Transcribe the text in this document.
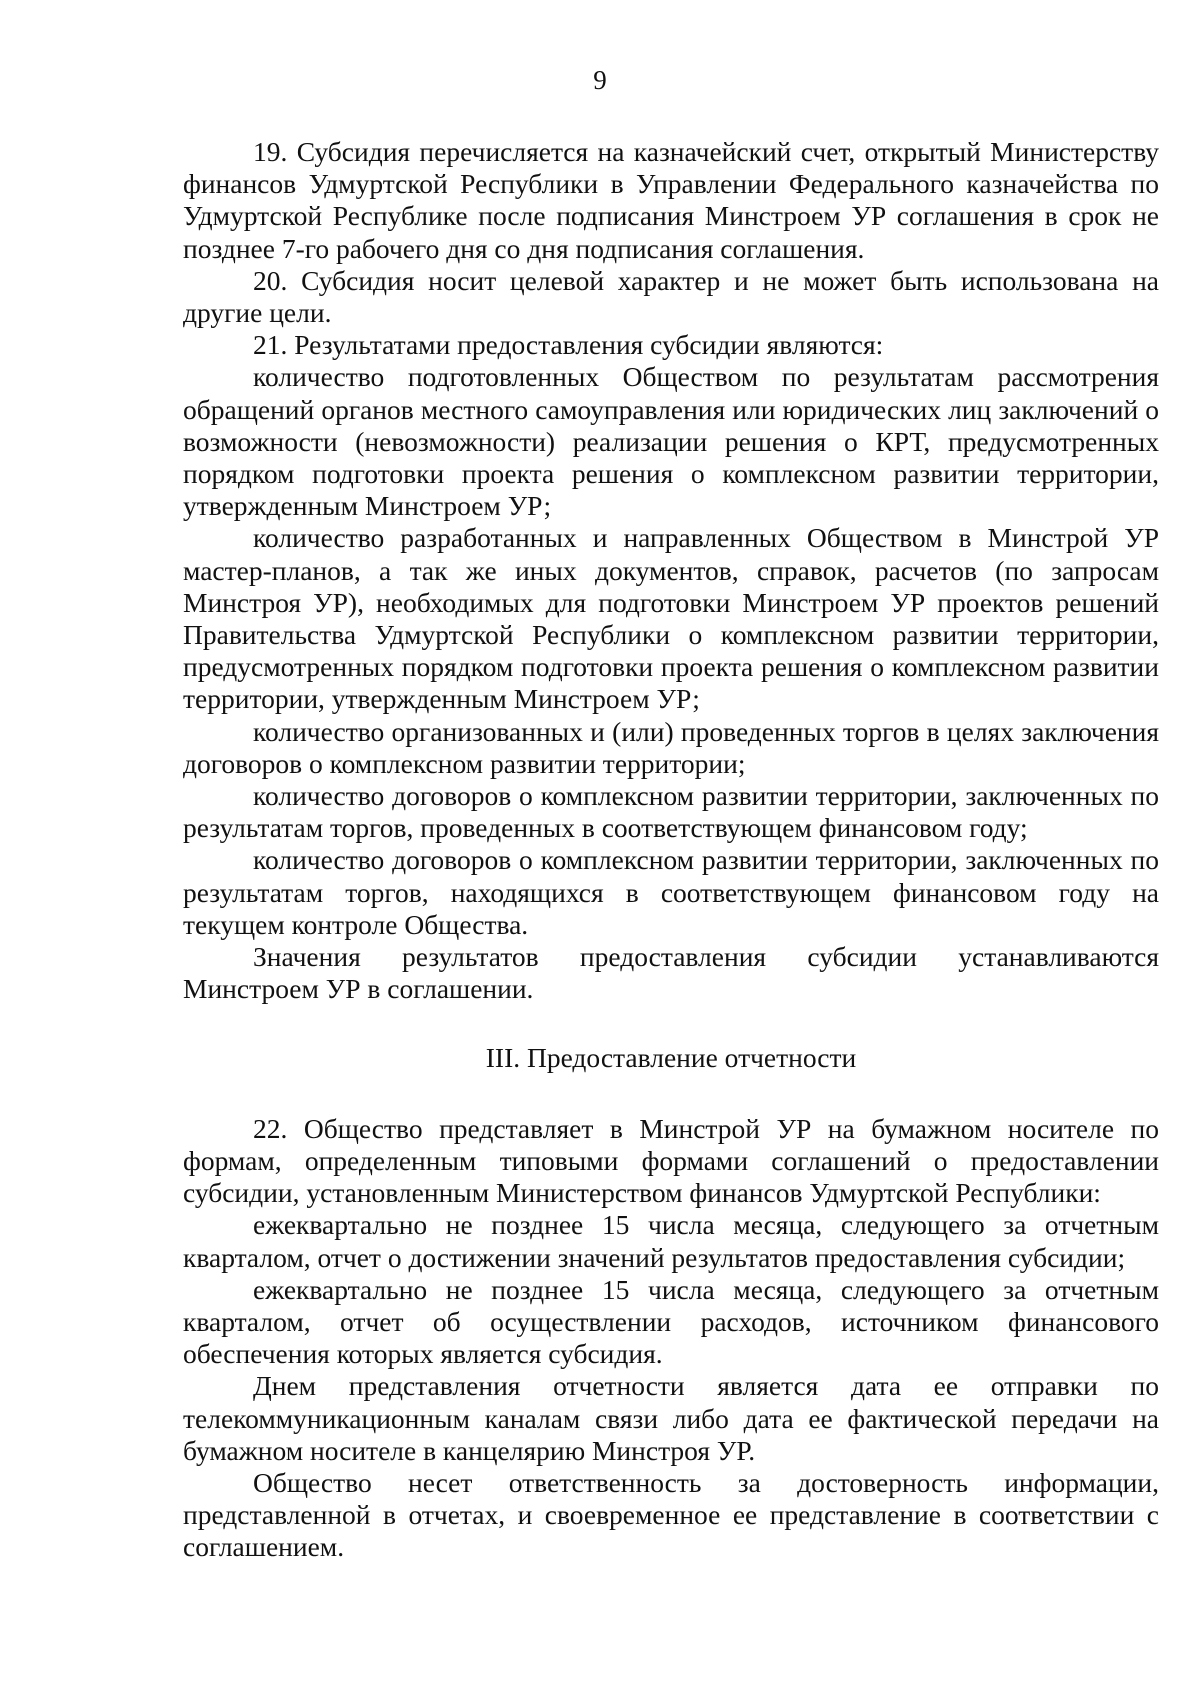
9

19. Субсидия перечисляется на казначейский счет, открытый Министерству финансов Удмуртской Республики в Управлении Федерального казначейства по Удмуртской Республике после подписания Минстроем УР соглашения в срок не позднее 7-го рабочего дня со дня подписания соглашения.

20. Субсидия носит целевой характер и не может быть использована на другие цели.

21. Результатами предоставления субсидии являются:

количество подготовленных Обществом по результатам рассмотрения обращений органов местного самоуправления или юридических лиц заключений о возможности (невозможности) реализации решения о КРТ, предусмотренных порядком подготовки проекта решения о комплексном развитии территории, утвержденным Минстроем УР;

количество разработанных и направленных Обществом в Минстрой УР мастер-планов, а так же иных документов, справок, расчетов (по запросам Минстроя УР), необходимых для подготовки Минстроем УР проектов решений Правительства Удмуртской Республики о комплексном развитии территории, предусмотренных порядком подготовки проекта решения о комплексном развитии территории, утвержденным Минстроем УР;

количество организованных и (или) проведенных торгов в целях заключения договоров о комплексном развитии территории;

количество договоров о комплексном развитии территории, заключенных по результатам торгов, проведенных в соответствующем финансовом году;

количество договоров о комплексном развитии территории, заключенных по результатам торгов, находящихся в соответствующем финансовом году на текущем контроле Общества.

Значения результатов предоставления субсидии устанавливаются Минстроем УР в соглашении.

III. Предоставление отчетности

22. Общество представляет в Минстрой УР на бумажном носителе по формам, определенным типовыми формами соглашений о предоставлении субсидии, установленным Министерством финансов Удмуртской Республики:

ежеквартально не позднее 15 числа месяца, следующего за отчетным кварталом, отчет о достижении значений результатов предоставления субсидии;

ежеквартально не позднее 15 числа месяца, следующего за отчетным кварталом, отчет об осуществлении расходов, источником финансового обеспечения которых является субсидия.

Днем представления отчетности является дата ее отправки по телекоммуникационным каналам связи либо дата ее фактической передачи на бумажном носителе в канцелярию Минстроя УР.

Общество несет ответственность за достоверность информации, представленной в отчетах, и своевременное ее представление в соответствии с соглашением.
